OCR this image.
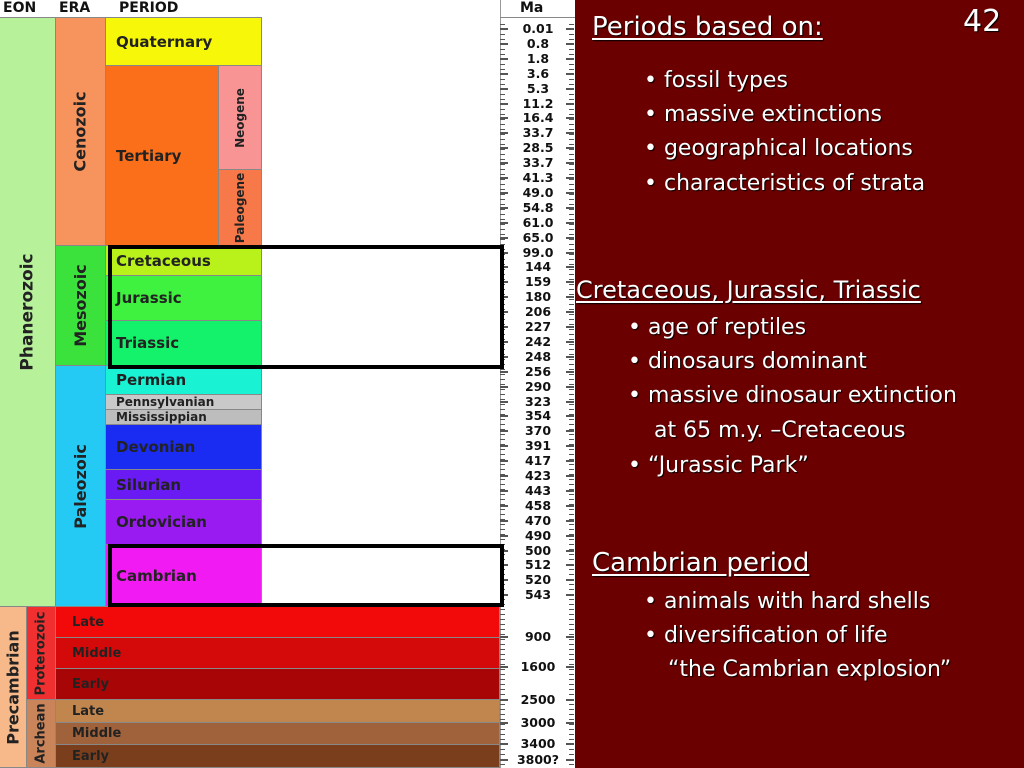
EON ERA PERIOD
Phanerozoic
Precambrian
Cenozoic
Mesozoic
Paleozoic
Proterozoic
Archean
Quaternary
Tertiary
Neogene
Paleogene
Cretaceous
Jurassic
Triassic
Permian
Pennsylvanian
Mississippian
Devonian
Silurian
Ordovician
Cambrian
Late
Middle
Early
Late
Middle
Early
Ma
0.01
0.8
1.8
3.6
5.3
11.2
16.4
33.7
28.5
33.7
41.3
49.0
54.8
61.0
65.0
99.0
144
159
180
206
227
242
248
256
290
323
354
370
391
417
423
443
458
470
490
500
512
520
543
900
1600
2500
3000
3400
3800?
42
Periods based on:
• fossil types
• massive extinctions
• geographical locations
• characteristics of strata
Cretaceous, Jurassic, Triassic
• age of reptiles
• dinosaurs dominant
• massive dinosaur extinction
at 65 m.y. –Cretaceous
• “Jurassic Park”
Cambrian period
• animals with hard shells
• diversification of life
“the Cambrian explosion”
